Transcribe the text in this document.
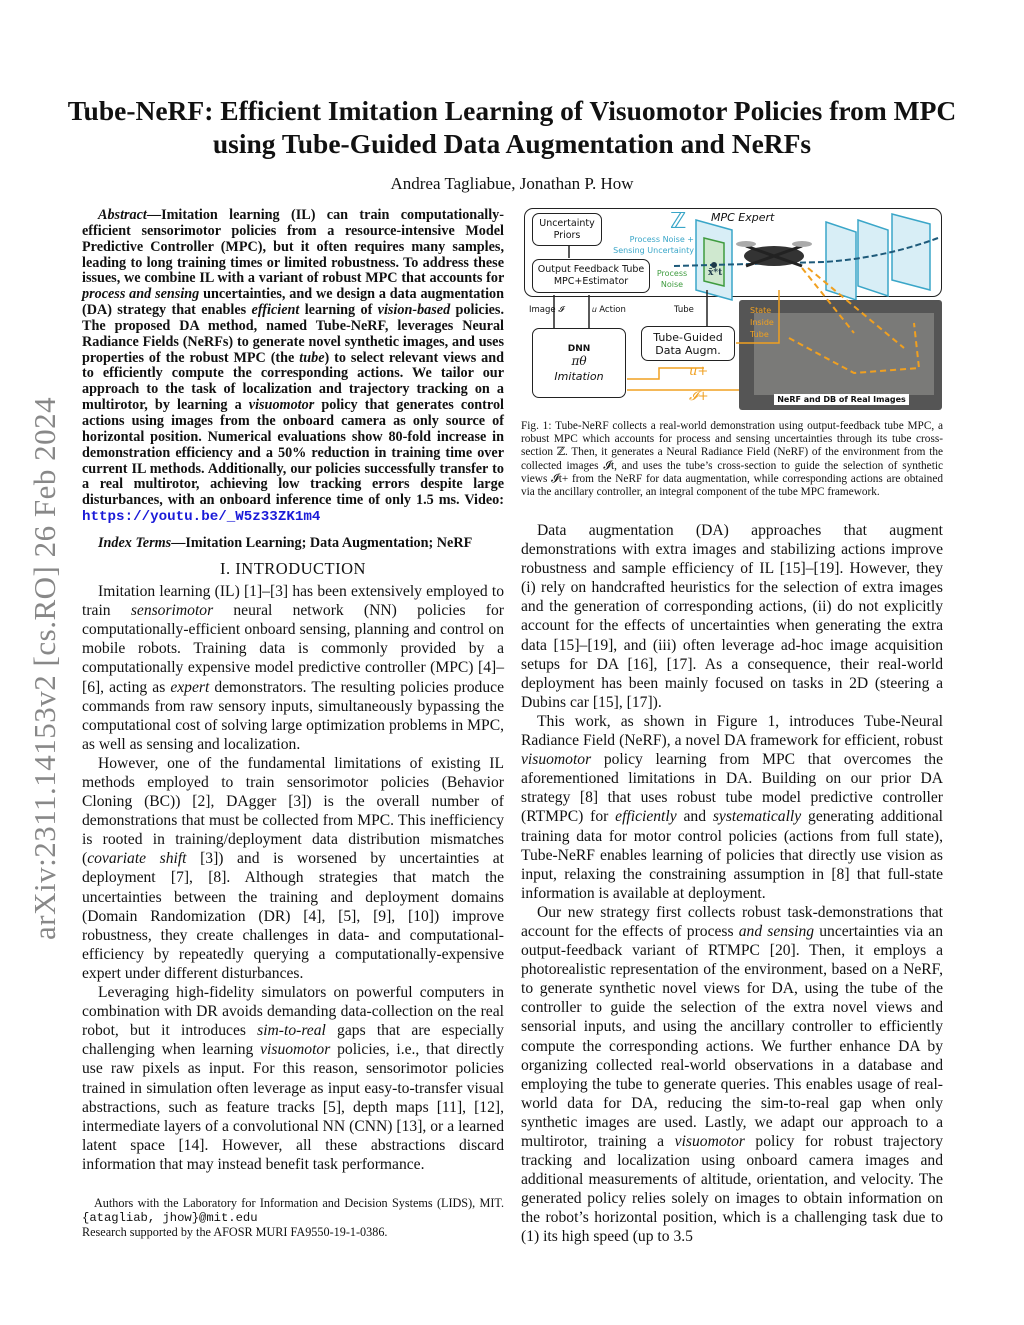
arXiv:2311.14153v2 [cs.RO] 26 Feb 2024
Tube-NeRF: Efficient Imitation Learning of Visuomotor Policies from MPC using Tube-Guided Data Augmentation and NeRFs
Andrea Tagliabue, Jonathan P. How

Abstract—Imitation learning (IL) can train computationally-efficient sensorimotor policies from a resource-intensive Model Predictive Controller (MPC), but it often requires many samples, leading to long training times or limited robustness. To address these issues, we combine IL with a variant of robust MPC that accounts for process and sensing uncertainties, and we design a data augmentation (DA) strategy that enables efficient learning of vision-based policies. The proposed DA method, named Tube-NeRF, leverages Neural Radiance Fields (NeRFs) to generate novel synthetic images, and uses properties of the robust MPC (the tube) to select relevant views and to efficiently compute the corresponding actions. We tailor our approach to the task of localization and trajectory tracking on a multirotor, by learning a visuomotor policy that generates control actions using images from the onboard camera as only source of horizontal position. Numerical evaluations show 80-fold increase in demonstration efficiency and a 50% reduction in training time over current IL methods. Additionally, our policies successfully transfer to a real multirotor, achieving low tracking errors despite large disturbances, with an onboard inference time of only 1.5 ms. Video: https://youtu.be/_W5z33ZK1m4

Index Terms—Imitation Learning; Data Augmentation; NeRF

I. INTRODUCTION

Imitation learning (IL) [1]–[3] has been extensively employed to train sensorimotor neural network (NN) policies for computationally-efficient onboard sensing, planning and control on mobile robots. Training data is commonly provided by a computationally expensive model predictive controller (MPC) [4]–[6], acting as expert demonstrators. The resulting policies produce commands from raw sensory inputs, simultaneously bypassing the computational cost of solving large optimization problems in MPC, as well as sensing and localization.

However, one of the fundamental limitations of existing IL methods employed to train sensorimotor policies (Behavior Cloning (BC)) [2], DAgger [3]) is the overall number of demonstrations that must be collected from MPC. This inefficiency is rooted in training/deployment data distribution mismatches (covariate shift [3]) and is worsened by uncertainties at deployment [7], [8]. Although strategies that match the uncertainties between the training and deployment domains (Domain Randomization (DR) [4], [5], [9], [10]) improve robustness, they create challenges in data- and computational-efficiency by repeatedly querying a computationally-expensive expert under different disturbances.

Leveraging high-fidelity simulators on powerful computers in combination with DR avoids demanding data-collection on the real robot, but it introduces sim-to-real gaps that are especially challenging when learning visuomotor policies, i.e., that directly use raw pixels as input. For this reason, sensorimotor policies trained in simulation often leverage as input easy-to-transfer visual abstractions, such as feature tracks [5], depth maps [11], [12], intermediate layers of a convolutional NN (CNN) [13], or a learned latent space [14]. However, all these abstractions discard information that may instead benefit task performance.

Authors with the Laboratory for Information and Decision Systems (LIDS), MIT. {atagliab, jhow}@mit.edu
Research supported by the AFOSR MURI FA9550-19-1-0386.

Uncertainty Priors
Output Feedback Tube MPC+Estimator
ℤ MPC Expert
Process Noise + Sensing Uncertainty
Process Noise
x̄*t
Image 𝓘	𝑢 Action	Tube
Tube-Guided Data Augm.
DNN
πθ
Imitation	u+
𝓘+
State Inside Tube
NeRF and DB of Real Images
Fig. 1: Tube-NeRF collects a real-world demonstration using output-feedback tube MPC, a robust MPC which accounts for process and sensing uncertainties through its tube cross-section ℤ. Then, it generates a Neural Radiance Field (NeRF) of the environment from the collected images 𝓘t, and uses the tube’s cross-section to guide the selection of synthetic views 𝓘t+ from the NeRF for data augmentation, while corresponding actions are obtained via the ancillary controller, an integral component of the tube MPC framework.

Data augmentation (DA) approaches that augment demonstrations with extra images and stabilizing actions improve robustness and sample efficiency of IL [15]–[19]. However, they (i) rely on handcrafted heuristics for the selection of extra images and the generation of corresponding actions, (ii) do not explicitly account for the effects of uncertainties when generating the extra data [15]–[19], and (iii) often leverage ad-hoc image acquisition setups for DA [16], [17]. As a consequence, their real-world deployment has been mainly focused on tasks in 2D (steering a Dubins car [15], [17]).

This work, as shown in Figure 1, introduces Tube-Neural Radiance Field (NeRF), a novel DA framework for efficient, robust visuomotor policy learning from MPC that overcomes the aforementioned limitations in DA. Building on our prior DA strategy [8] that uses robust tube model predictive controller (RTMPC) for efficiently and systematically generating additional training data for motor control policies (actions from full state), Tube-NeRF enables learning of policies that directly use vision as input, relaxing the constraining assumption in [8] that full-state information is available at deployment.

Our new strategy first collects robust task-demonstrations that account for the effects of process and sensing uncertainties via an output-feedback variant of RTMPC [20]. Then, it employs a photorealistic representation of the environment, based on a NeRF, to generate synthetic novel views for DA, using the tube of the controller to guide the selection of the extra novel views and sensorial inputs, and using the ancillary controller to efficiently compute the corresponding actions. We further enhance DA by organizing collected real-world observations in a database and employing the tube to generate queries. This enables usage of real-world data for DA, reducing the sim-to-real gap when only synthetic images are used. Lastly, we adapt our approach to a multirotor, training a visuomotor policy for robust trajectory tracking and localization using onboard camera images and additional measurements of altitude, orientation, and velocity. The generated policy relies solely on images to obtain information on the robot’s horizontal position, which is a challenging task due to (1) its high speed (up to 3.5
